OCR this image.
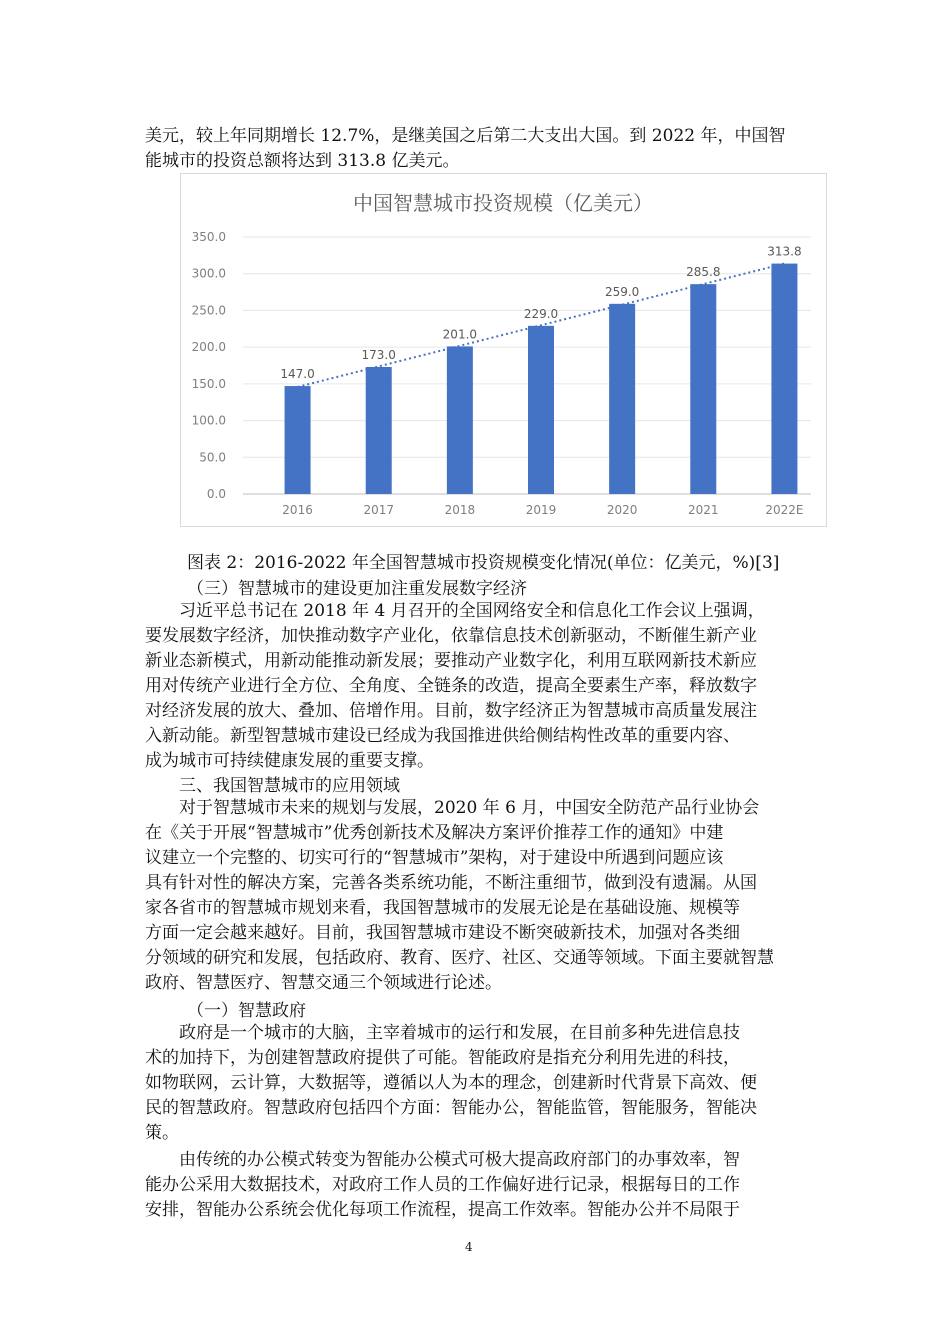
美元，较上年同期增长 12.7%，是继美国之后第二大支出大国。到 2022 年，中国智
能城市的投资总额将达到 313.8 亿美元。
中国智慧城市投资规模（亿美元）
0.0
50.0
100.0
150.0
200.0
250.0
300.0
350.0
147.0
173.0
201.0
229.0
259.0
285.8
313.8
2016	2017	2018	2019	2020	2021	2022E
图表 2：2016-2022 年全国智慧城市投资规模变化情况(单位：亿美元，%)[3]
（三）智慧城市的建设更加注重发展数字经济
习近平总书记在 2018 年 4 月召开的全国网络安全和信息化工作会议上强调，
要发展数字经济，加快推动数字产业化，依靠信息技术创新驱动，不断催生新产业
新业态新模式，用新动能推动新发展；要推动产业数字化，利用互联网新技术新应
用对传统产业进行全方位、全角度、全链条的改造，提高全要素生产率，释放数字
对经济发展的放大、叠加、倍增作用。目前，数字经济正为智慧城市高质量发展注
入新动能。新型智慧城市建设已经成为我国推进供给侧结构性改革的重要内容、
成为城市可持续健康发展的重要支撑。
三、我国智慧城市的应用领域
对于智慧城市未来的规划与发展，2020 年 6 月，中国安全防范产品行业协会
在《关于开展“智慧城市”优秀创新技术及解决方案评价推荐工作的通知》中建
议建立一个完整的、切实可行的“智慧城市”架构，对于建设中所遇到问题应该
具有针对性的解决方案，完善各类系统功能，不断注重细节，做到没有遗漏。从国
家各省市的智慧城市规划来看，我国智慧城市的发展无论是在基础设施、规模等
方面一定会越来越好。目前，我国智慧城市建设不断突破新技术，加强对各类细
分领域的研究和发展，包括政府、教育、医疗、社区、交通等领域。下面主要就智慧
政府、智慧医疗、智慧交通三个领域进行论述。
（一）智慧政府
政府是一个城市的大脑，主宰着城市的运行和发展，在目前多种先进信息技
术的加持下，为创建智慧政府提供了可能。智能政府是指充分利用先进的科技，
如物联网，云计算，大数据等，遵循以人为本的理念，创建新时代背景下高效、便
民的智慧政府。智慧政府包括四个方面：智能办公，智能监管，智能服务，智能决
策。
由传统的办公模式转变为智能办公模式可极大提高政府部门的办事效率，智
能办公采用大数据技术，对政府工作人员的工作偏好进行记录，根据每日的工作
安排，智能办公系统会优化每项工作流程，提高工作效率。智能办公并不局限于
4
